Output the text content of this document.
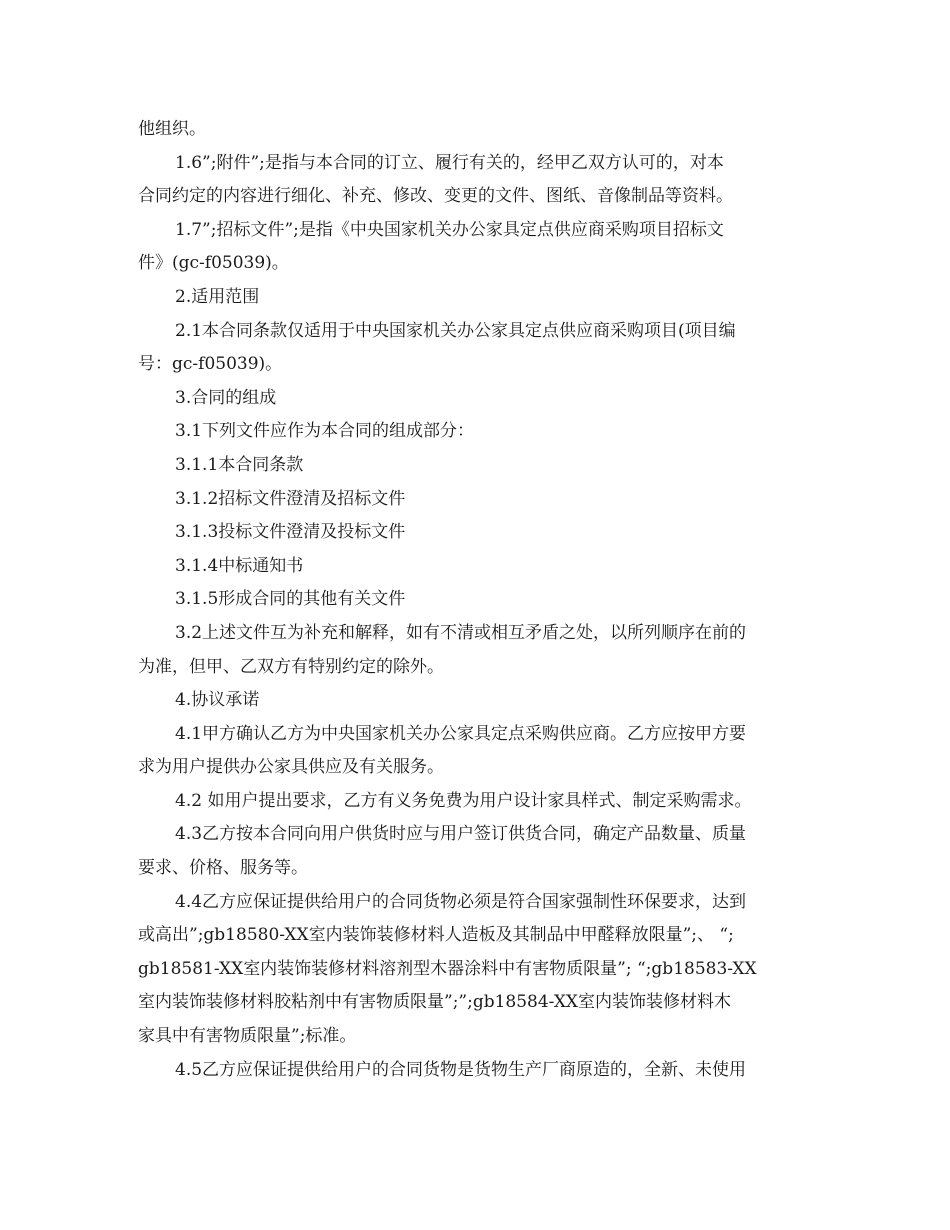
他组织。
1.6”;附件”;是指与本合同的订立、履行有关的，经甲乙双方认可的，对本
合同约定的内容进行细化、补充、修改、变更的文件、图纸、音像制品等资料。
1.7”;招标文件”;是指《中央国家机关办公家具定点供应商采购项目招标文
件》(gc-f05039)。
2.适用范围
2.1本合同条款仅适用于中央国家机关办公家具定点供应商采购项目(项目编
号：gc-f05039)。
3.合同的组成
3.1下列文件应作为本合同的组成部分：
3.1.1本合同条款
3.1.2招标文件澄清及招标文件
3.1.3投标文件澄清及投标文件
3.1.4中标通知书
3.1.5形成合同的其他有关文件
3.2上述文件互为补充和解释，如有不清或相互矛盾之处，以所列顺序在前的
为准，但甲、乙双方有特别约定的除外。
4.协议承诺
4.1甲方确认乙方为中央国家机关办公家具定点采购供应商。乙方应按甲方要
求为用户提供办公家具供应及有关服务。
4.2 如用户提出要求，乙方有义务免费为用户设计家具样式、制定采购需求。
4.3乙方按本合同向用户供货时应与用户签订供货合同，确定产品数量、质量
要求、价格、服务等。
4.4乙方应保证提供给用户的合同货物必须是符合国家强制性环保要求，达到
或高出”;gb18580-XX室内装饰装修材料人造板及其制品中甲醛释放限量”;、 “;
gb18581-XX室内装饰装修材料溶剂型木器涂料中有害物质限量”; “;gb18583-XX
室内装饰装修材料胶粘剂中有害物质限量”;”;gb18584-XX室内装饰装修材料木
家具中有害物质限量”;标准。
4.5乙方应保证提供给用户的合同货物是货物生产厂商原造的，全新、未使用
